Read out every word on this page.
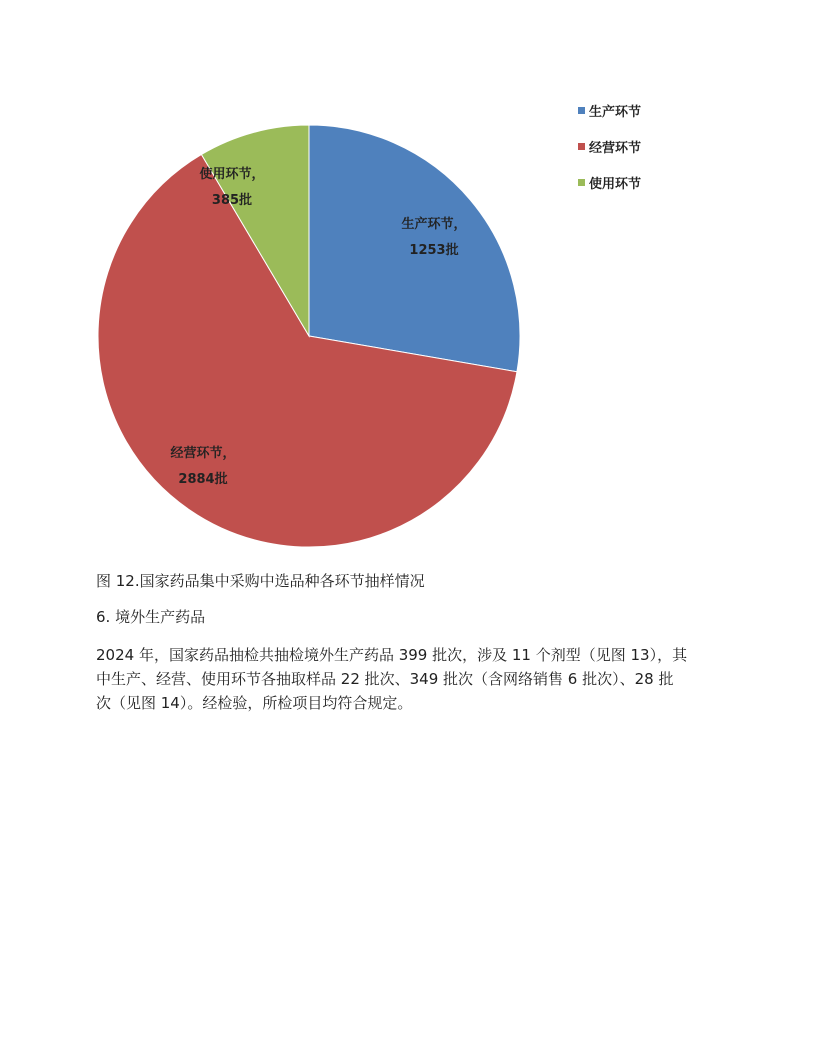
生产环节，
1253批
经营环节，
2884批
使用环节，
385批
生产环节
经营环节
使用环节
图 12.国家药品集中采购中选品种各环节抽样情况
6. 境外生产药品
2024 年，国家药品抽检共抽检境外生产药品 399 批次，涉及 11 个剂型（见图 13），其
中生产、经营、使用环节各抽取样品 22 批次、349 批次（含网络销售 6 批次）、28 批
次（见图 14）。经检验，所检项目均符合规定。
